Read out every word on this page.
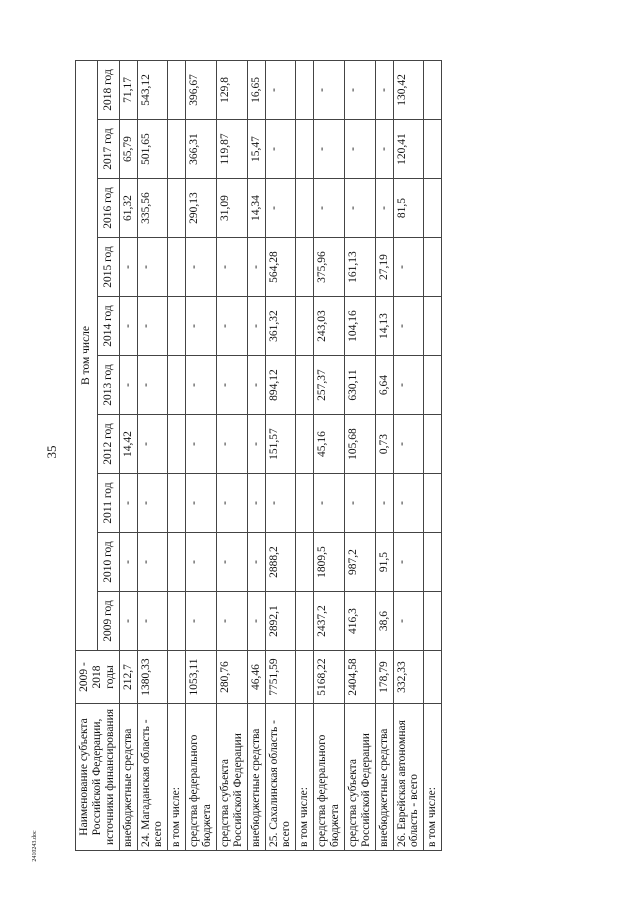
35
Наименование субъекта Российской Федерации, источники финансирования	2009 - 2018 годы	В том числе									
		2009 год	2010 год	2011 год	2012 год	2013 год	2014 год	2015 год	2016 год	2017 год	2018 год
внебюджетные средства	212,7	-	-	-	14,42	-	-	-	61,32	65,79	71,17
24. Магаданская область - всего	1380,33	-	-	-	-	-	-	-	335,56	501,65	543,12
в том числе:											
средства федерального бюджета	1053,11	-	-	-	-	-	-	-	290,13	366,31	396,67
средства субъекта Российской Федерации	280,76	-	-	-	-	-	-	-	31,09	119,87	129,8
внебюджетные средства	46,46	-	-	-	-	-	-	-	14,34	15,47	16,65
25. Сахалинская область - всего	7751,59	2892,1	2888,2	-	151,57	894,12	361,32	564,28	-	-	-
в том числе:											
средства федерального бюджета	5168,22	2437,2	1809,5	-	45,16	257,37	243,03	375,96	-	-	-
средства субъекта Российской Федерации	2404,58	416,3	987,2	-	105,68	630,11	104,16	161,13	-	-	-
внебюджетные средства	178,79	38,6	91,5	-	0,73	6,64	14,13	27,19	-	-	-
26. Еврейская автономная область - всего	332,33	-	-	-	-	-	-	-	81,5	120,41	130,42
в том числе:											
2410243.doc
